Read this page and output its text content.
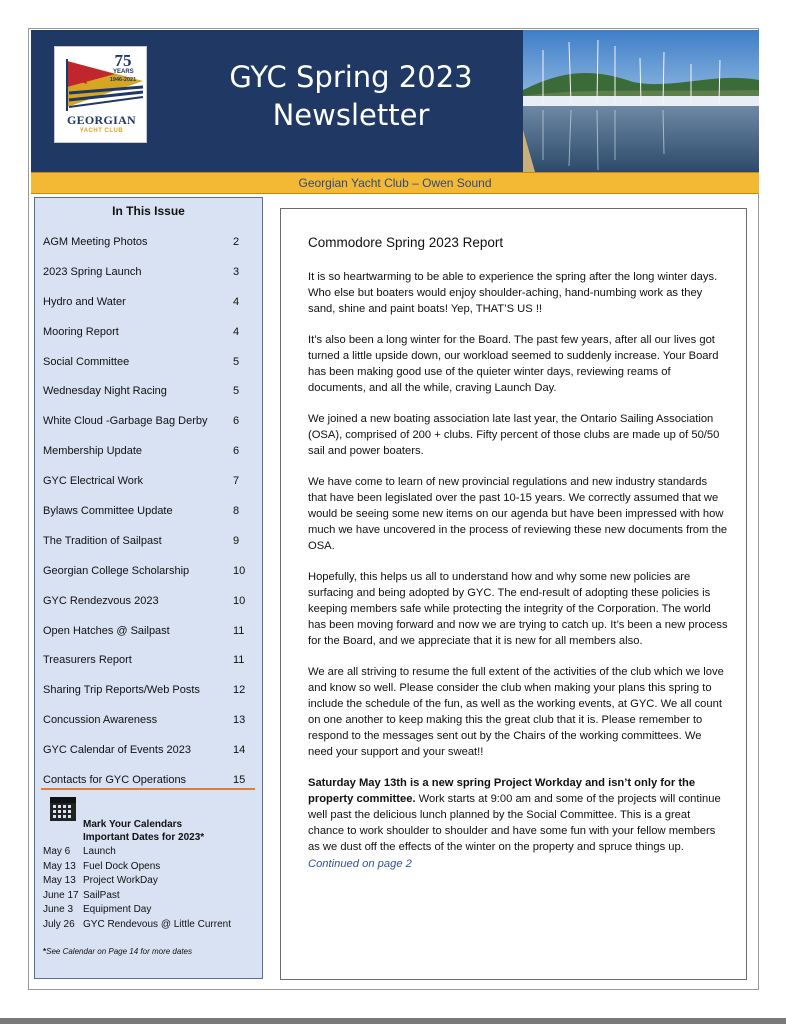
75
YEARS
1946-2021
GEORGIAN
YACHT CLUB
GYC Spring 2023
Newsletter
Georgian Yacht Club – Owen Sound
In This Issue
AGM Meeting Photos	2
2023 Spring Launch	3
Hydro and Water	4
Mooring Report	4
Social Committee	5
Wednesday Night Racing	5
White Cloud -Garbage Bag Derby 6
Membership Update	6
GYC Electrical Work	7
Bylaws Committee Update	8
The Tradition of Sailpast	9
Georgian College Scholarship	10
GYC Rendezvous 2023	10
Open Hatches @ Sailpast	11
Treasurers Report	11
Sharing Trip Reports/Web Posts	12
Concussion Awareness	13
GYC Calendar of Events 2023	14
Contacts for GYC Operations	15
Mark Your Calendars
Important Dates for 2023*
May 6	Launch
May 13 Fuel Dock Opens
May 13 Project WorkDay
June 17 SailPast
June 3 Equipment Day
July 26 GYC Rendevous @ Little Current
*See Calendar on Page 14 for more dates
Commodore Spring 2023 Report

It is so heartwarming to be able to experience the spring after the long winter days. Who else but boaters would enjoy shoulder-aching, hand-numbing work as they sand, shine and paint boats! Yep, THAT’S US !!

It’s also been a long winter for the Board. The past few years, after all our lives got turned a little upside down, our workload seemed to suddenly increase. Your Board has been making good use of the quieter winter days, reviewing reams of documents, and all the while, craving Launch Day.

We joined a new boating association late last year, the Ontario Sailing Association (OSA), comprised of 200 + clubs. Fifty percent of those clubs are made up of 50/50 sail and power boaters.

We have come to learn of new provincial regulations and new industry standards that have been legislated over the past 10-15 years. We correctly assumed that we would be seeing some new items on our agenda but have been impressed with how much we have uncovered in the process of reviewing these new documents from the OSA.

Hopefully, this helps us all to understand how and why some new policies are surfacing and being adopted by GYC. The end-result of adopting these policies is keeping members safe while protecting the integrity of the Corporation. The world has been moving forward and now we are trying to catch up. It’s been a new process for the Board, and we appreciate that it is new for all members also.

We are all striving to resume the full extent of the activities of the club which we love and know so well. Please consider the club when making your plans this spring to include the schedule of the fun, as well as the working events, at GYC. We all count on one another to keep making this the great club that it is. Please remember to respond to the messages sent out by the Chairs of the working committees. We need your support and your sweat!!

Saturday May 13th is a new spring Project Workday and isn’t only for the property committee. Work starts at 9:00 am and some of the projects will continue well past the delicious lunch planned by the Social Committee. This is a great chance to work shoulder to shoulder and have some fun with your fellow members as we dust off the effects of the winter on the property and spruce things up.

Continued on page 2
